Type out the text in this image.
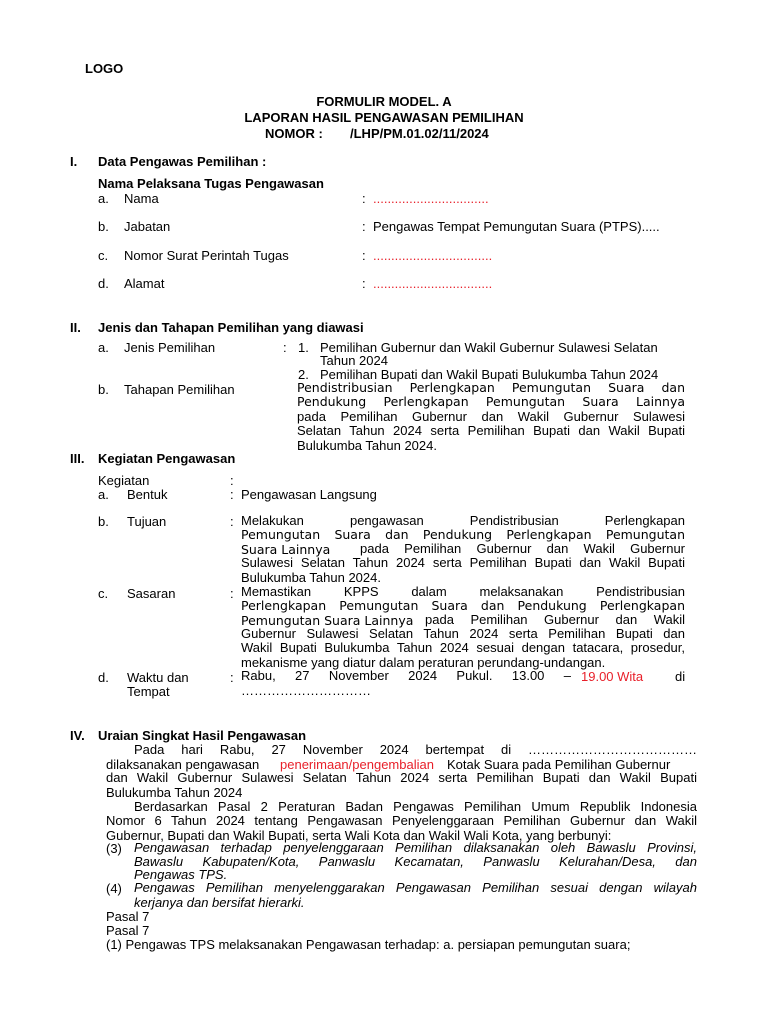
LOGO
FORMULIR MODEL. A
LAPORAN HASIL PENGAWASAN PEMILIHAN
NOMOR : /LHP/PM.01.02/11/2024
I. Data Pengawas Pemilihan :
Nama Pelaksana Tugas Pengawasan
a. Nama	: ................................
b. Jabatan	: Pengawas Tempat Pemungutan Suara (PTPS).....
c. Nomor Surat Perintah Tugas	: .................................
d. Alamat	: .................................
II. Jenis dan Tahapan Pemilihan yang diawasi
a. Jenis Pemilihan	: 1. Pemilihan Gubernur dan Wakil Gubernur Sulawesi Selatan
Tahun 2024
2. Pemilihan Bupati dan Wakil Bupati Bulukumba Tahun 2024
b. Tahapan Pemilihan	Pendistribusian Perlengkapan Pemungutan Suara dan
Pendukung Perlengkapan Pemungutan Suara Lainnya
pada Pemilihan Gubernur dan Wakil Gubernur Sulawesi
Selatan Tahun 2024 serta Pemilihan Bupati dan Wakil Bupati
Bulukumba Tahun 2024.
III. Kegiatan Pengawasan
Kegiatan	:
a. Bentuk	: Pengawasan Langsung
b. Tujuan	: Melakukan pengawasan Pendistribusian Perlengkapan
Pemungutan Suara dan Pendukung Perlengkapan Pemungutan
Suara Lainnya pada Pemilihan Gubernur dan Wakil Gubernur
Sulawesi Selatan Tahun 2024 serta Pemilihan Bupati dan Wakil Bupati
Bulukumba Tahun 2024.
c. Sasaran	: Memastikan KPPS dalam melaksanakan Pendistribusian
Perlengkapan Pemungutan Suara dan Pendukung Perlengkapan
Pemungutan Suara Lainnya pada Pemilihan Gubernur dan Wakil
Gubernur Sulawesi Selatan Tahun 2024 serta Pemilihan Bupati dan
Wakil Bupati Bulukumba Tahun 2024 sesuai dengan tatacara, prosedur,
mekanisme yang diatur dalam peraturan perundang-undangan.
d. Waktu dan
Tempat
: Rabu, 27 November 2024 Pukul. 13.00 – 19.00 Wita di
…………………………
IV. Uraian Singkat Hasil Pengawasan
Pada hari Rabu, 27 November 2024 bertempat di …………………………………
dilaksanakan pengawasan penerimaan/pengembalian Kotak Suara pada Pemilihan Gubernur
dan Wakil Gubernur Sulawesi Selatan Tahun 2024 serta Pemilihan Bupati dan Wakil Bupati
Bulukumba Tahun 2024
Berdasarkan Pasal 2 Peraturan Badan Pengawas Pemilihan Umum Republik Indonesia
Nomor 6 Tahun 2024 tentang Pengawasan Penyelenggaraan Pemilihan Gubernur dan Wakil
Gubernur, Bupati dan Wakil Bupati, serta Wali Kota dan Wakil Wali Kota, yang berbunyi:
(3) Pengawasan terhadap penyelenggaraan Pemilihan dilaksanakan oleh Bawaslu Provinsi,
Bawaslu Kabupaten/Kota, Panwaslu Kecamatan, Panwaslu Kelurahan/Desa, dan
Pengawas TPS.
(4) Pengawas Pemilihan menyelenggarakan Pengawasan Pemilihan sesuai dengan wilayah
kerjanya dan bersifat hierarki.
Pasal 7
Pasal 7
(1) Pengawas TPS melaksanakan Pengawasan terhadap: a. persiapan pemungutan suara;
